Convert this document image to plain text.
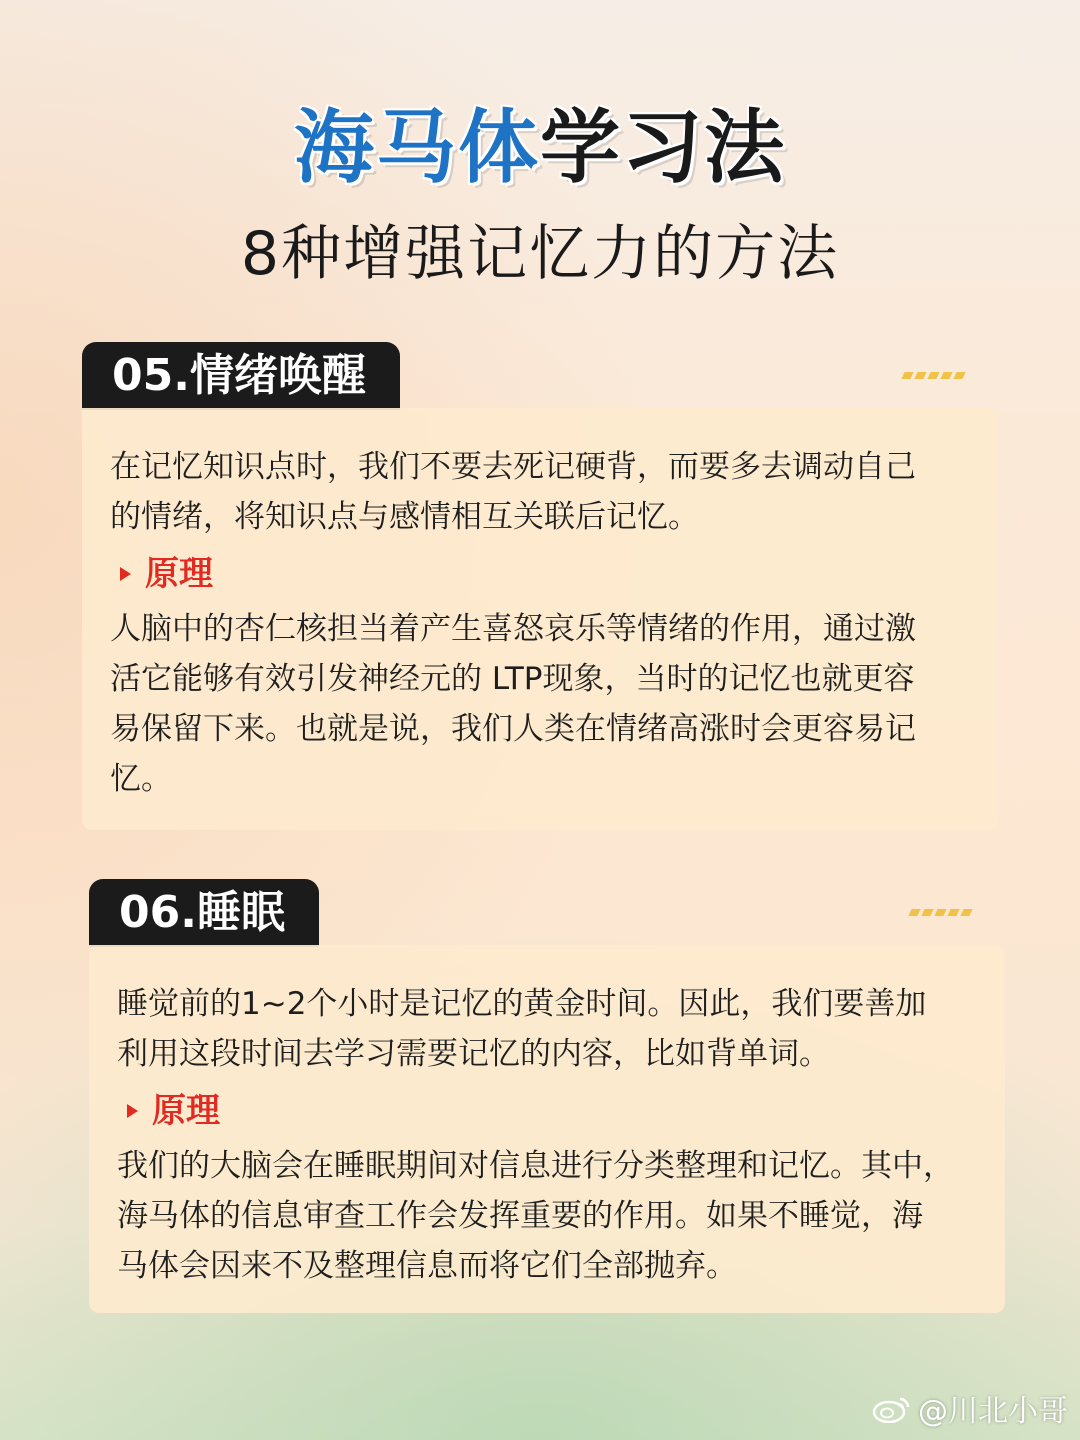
海马体学习法
8种增强记忆力的方法
05.情绪唤醒

在记忆知识点时，我们不要去死记硬背，而要多去调动自己

的情绪，将知识点与感情相互关联后记忆。

原理

人脑中的杏仁核担当着产生喜怒哀乐等情绪的作用，通过激

活它能够有效引发神经元的 LTP现象，当时的记忆也就更容

易保留下来。也就是说，我们人类在情绪高涨时会更容易记

忆。

06.睡眠

睡觉前的1~2个小时是记忆的黄金时间。因此，我们要善加

利用这段时间去学习需要记忆的内容，比如背单词。

原理

我们的大脑会在睡眠期间对信息进行分类整理和记忆。其中，

海马体的信息审查工作会发挥重要的作用。如果不睡觉，海

马体会因来不及整理信息而将它们全部抛弃。

@川北小哥
